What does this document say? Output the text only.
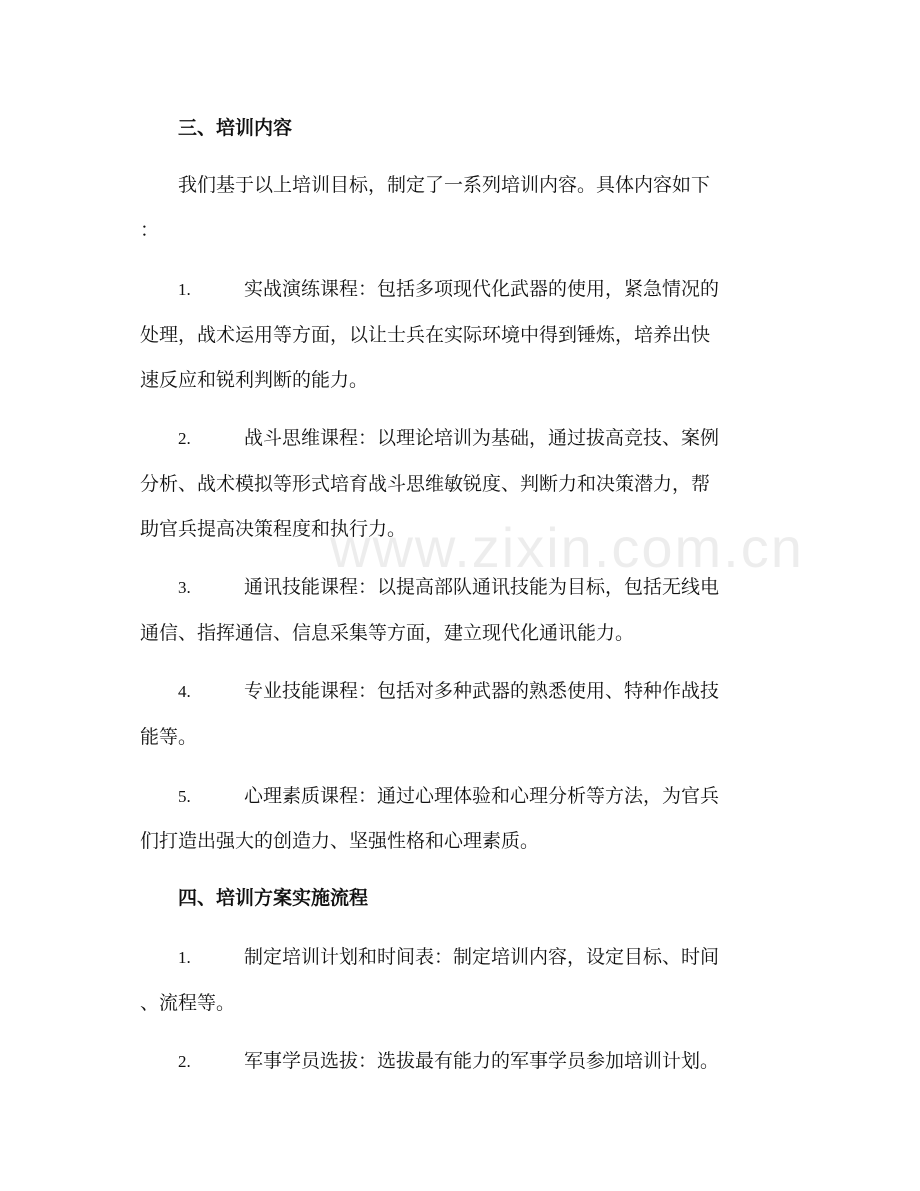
www.zixin.com.cn
三、培训内容
我们基于以上培训目标，制定了一系列培训内容。具体内容如下
：
1.	实战演练课程：包括多项现代化武器的使用，紧急情况的
处理，战术运用等方面，以让士兵在实际环境中得到锤炼，培养出快
速反应和锐利判断的能力。
2.	战斗思维课程：以理论培训为基础，通过拔高竞技、案例
分析、战术模拟等形式培育战斗思维敏锐度、判断力和决策潜力，帮
助官兵提高决策程度和执行力。
3.	通讯技能课程：以提高部队通讯技能为目标，包括无线电
通信、指挥通信、信息采集等方面，建立现代化通讯能力。
4.	专业技能课程：包括对多种武器的熟悉使用、特种作战技
能等。
5.	心理素质课程：通过心理体验和心理分析等方法，为官兵
们打造出强大的创造力、坚强性格和心理素质。
四、培训方案实施流程
1.	制定培训计划和时间表：制定培训内容，设定目标、时间
、流程等。
2.	军事学员选拔：选拔最有能力的军事学员参加培训计划。
